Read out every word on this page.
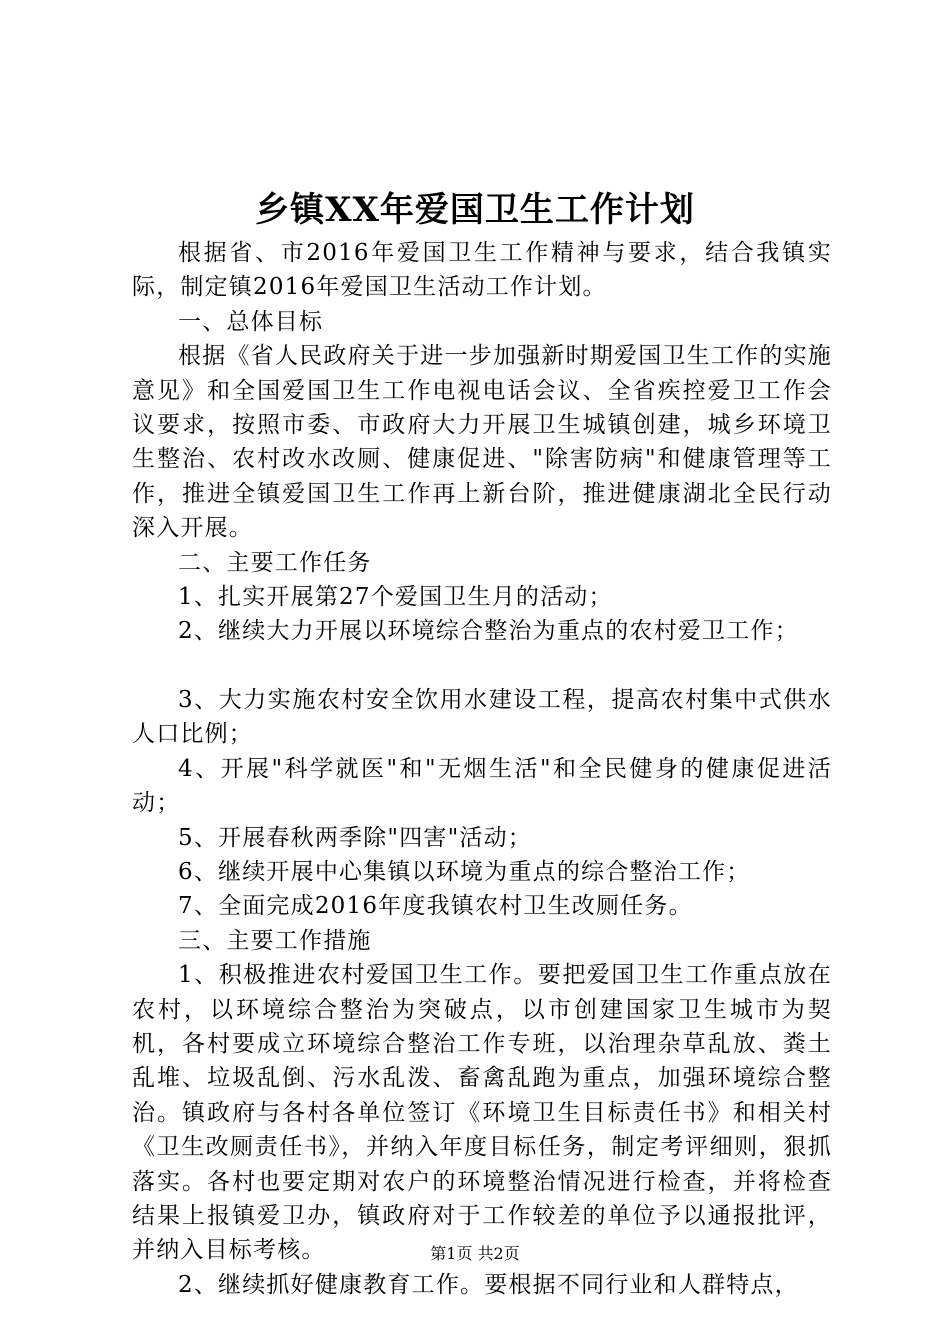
乡镇XX年爱国卫生工作计划

根据省、市2016年爱国卫生工作精神与要求，结合我镇实际，制定镇2016年爱国卫生活动工作计划。

一、总体目标

根据《省人民政府关于进一步加强新时期爱国卫生工作的实施意见》和全国爱国卫生工作电视电话会议、全省疾控爱卫工作会议要求，按照市委、市政府大力开展卫生城镇创建，城乡环境卫生整治、农村改水改厕、健康促进、"除害防病"和健康管理等工作，推进全镇爱国卫生工作再上新台阶，推进健康湖北全民行动深入开展。

二、主要工作任务

1、扎实开展第27个爱国卫生月的活动；

2、继续大力开展以环境综合整治为重点的农村爱卫工作；

3、大力实施农村安全饮用水建设工程，提高农村集中式供水人口比例；

4、开展"科学就医"和"无烟生活"和全民健身的健康促进活动；

5、开展春秋两季除"四害"活动；

6、继续开展中心集镇以环境为重点的综合整治工作；

7、全面完成2016年度我镇农村卫生改厕任务。

三、主要工作措施

1、积极推进农村爱国卫生工作。要把爱国卫生工作重点放在农村，以环境综合整治为突破点，以市创建国家卫生城市为契机，各村要成立环境综合整治工作专班，以治理杂草乱放、粪土乱堆、垃圾乱倒、污水乱泼、畜禽乱跑为重点，加强环境综合整治。镇政府与各村各单位签订《环境卫生目标责任书》和相关村《卫生改厕责任书》，并纳入年度目标任务，制定考评细则，狠抓落实。各村也要定期对农户的环境整治情况进行检查，并将检查结果上报镇爱卫办，镇政府对于工作较差的单位予以通报批评，并纳入目标考核。

2、继续抓好健康教育工作。要根据不同行业和人群特点，

第1页 共2页
